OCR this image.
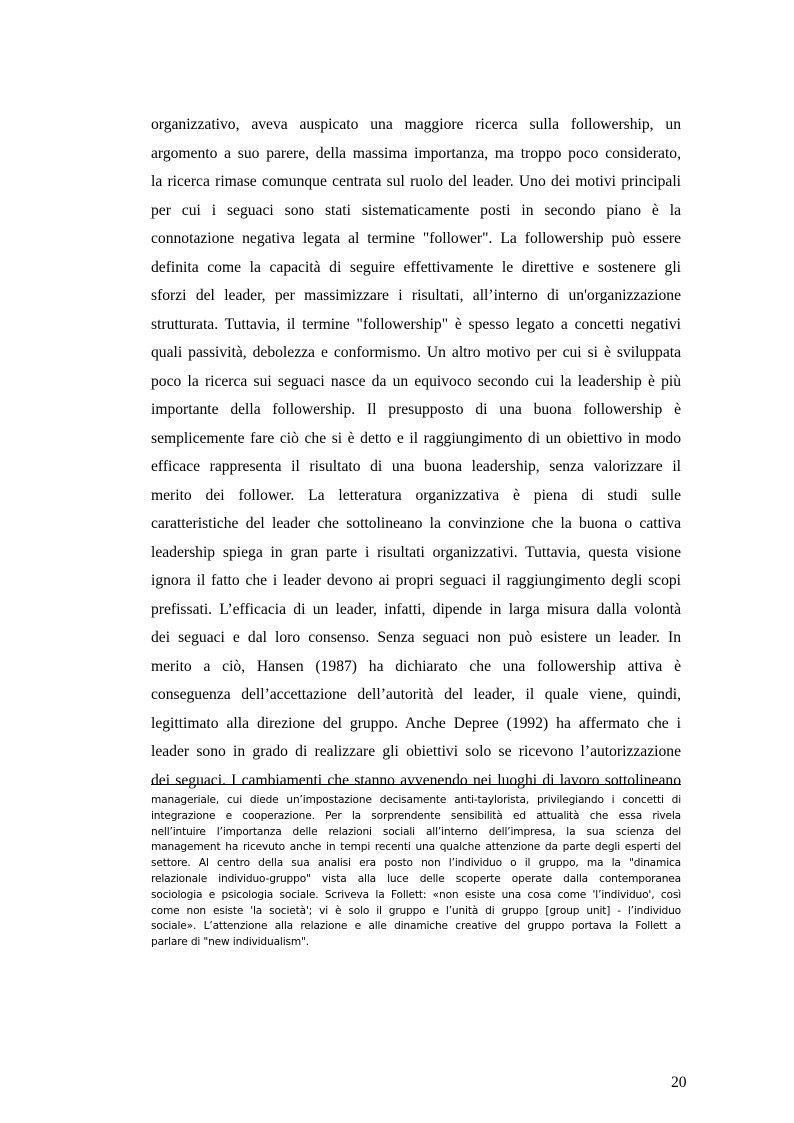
organizzativo, aveva auspicato una maggiore ricerca sulla followership, un
argomento a suo parere, della massima importanza, ma troppo poco considerato,
la ricerca rimase comunque centrata sul ruolo del leader. Uno dei motivi principali
per cui i seguaci sono stati sistematicamente posti in secondo piano è la
connotazione negativa legata al termine "follower". La followership può essere
definita come la capacità di seguire effettivamente le direttive e sostenere gli
sforzi del leader, per massimizzare i risultati, all’interno di un'organizzazione
strutturata. Tuttavia, il termine "followership" è spesso legato a concetti negativi
quali passività, debolezza e conformismo. Un altro motivo per cui si è sviluppata
poco la ricerca sui seguaci nasce da un equivoco secondo cui la leadership è più
importante della followership. Il presupposto di una buona followership è
semplicemente fare ciò che si è detto e il raggiungimento di un obiettivo in modo
efficace rappresenta il risultato di una buona leadership, senza valorizzare il
merito dei follower. La letteratura organizzativa è piena di studi sulle
caratteristiche del leader che sottolineano la convinzione che la buona o cattiva
leadership spiega in gran parte i risultati organizzativi. Tuttavia, questa visione
ignora il fatto che i leader devono ai propri seguaci il raggiungimento degli scopi
prefissati. L’efficacia di un leader, infatti, dipende in larga misura dalla volontà
dei seguaci e dal loro consenso. Senza seguaci non può esistere un leader. In
merito a ciò, Hansen (1987) ha dichiarato che una followership attiva è
conseguenza dell’accettazione dell’autorità del leader, il quale viene, quindi,
legittimato alla direzione del gruppo. Anche Depree (1992) ha affermato che i
leader sono in grado di realizzare gli obiettivi solo se ricevono l’autorizzazione
dei seguaci. I cambiamenti che stanno avvenendo nei luoghi di lavoro sottolineano
manageriale, cui diede un’impostazione decisamente anti-taylorista, privilegiando i concetti di
integrazione e cooperazione. Per la sorprendente sensibilità ed attualità che essa rivela
nell’intuire l’importanza delle relazioni sociali all’interno dell’impresa, la sua scienza del
management ha ricevuto anche in tempi recenti una qualche attenzione da parte degli esperti del
settore. Al centro della sua analisi era posto non l’individuo o il gruppo, ma la "dinamica
relazionale individuo-gruppo" vista alla luce delle scoperte operate dalla contemporanea
sociologia e psicologia sociale. Scriveva la Follett: «non esiste una cosa come 'l’individuo', così
come non esiste 'la società'; vi è solo il gruppo e l’unità di gruppo [group unit] - l’individuo
sociale». L’attenzione alla relazione e alle dinamiche creative del gruppo portava la Follett a
parlare di "new individualism".
20
